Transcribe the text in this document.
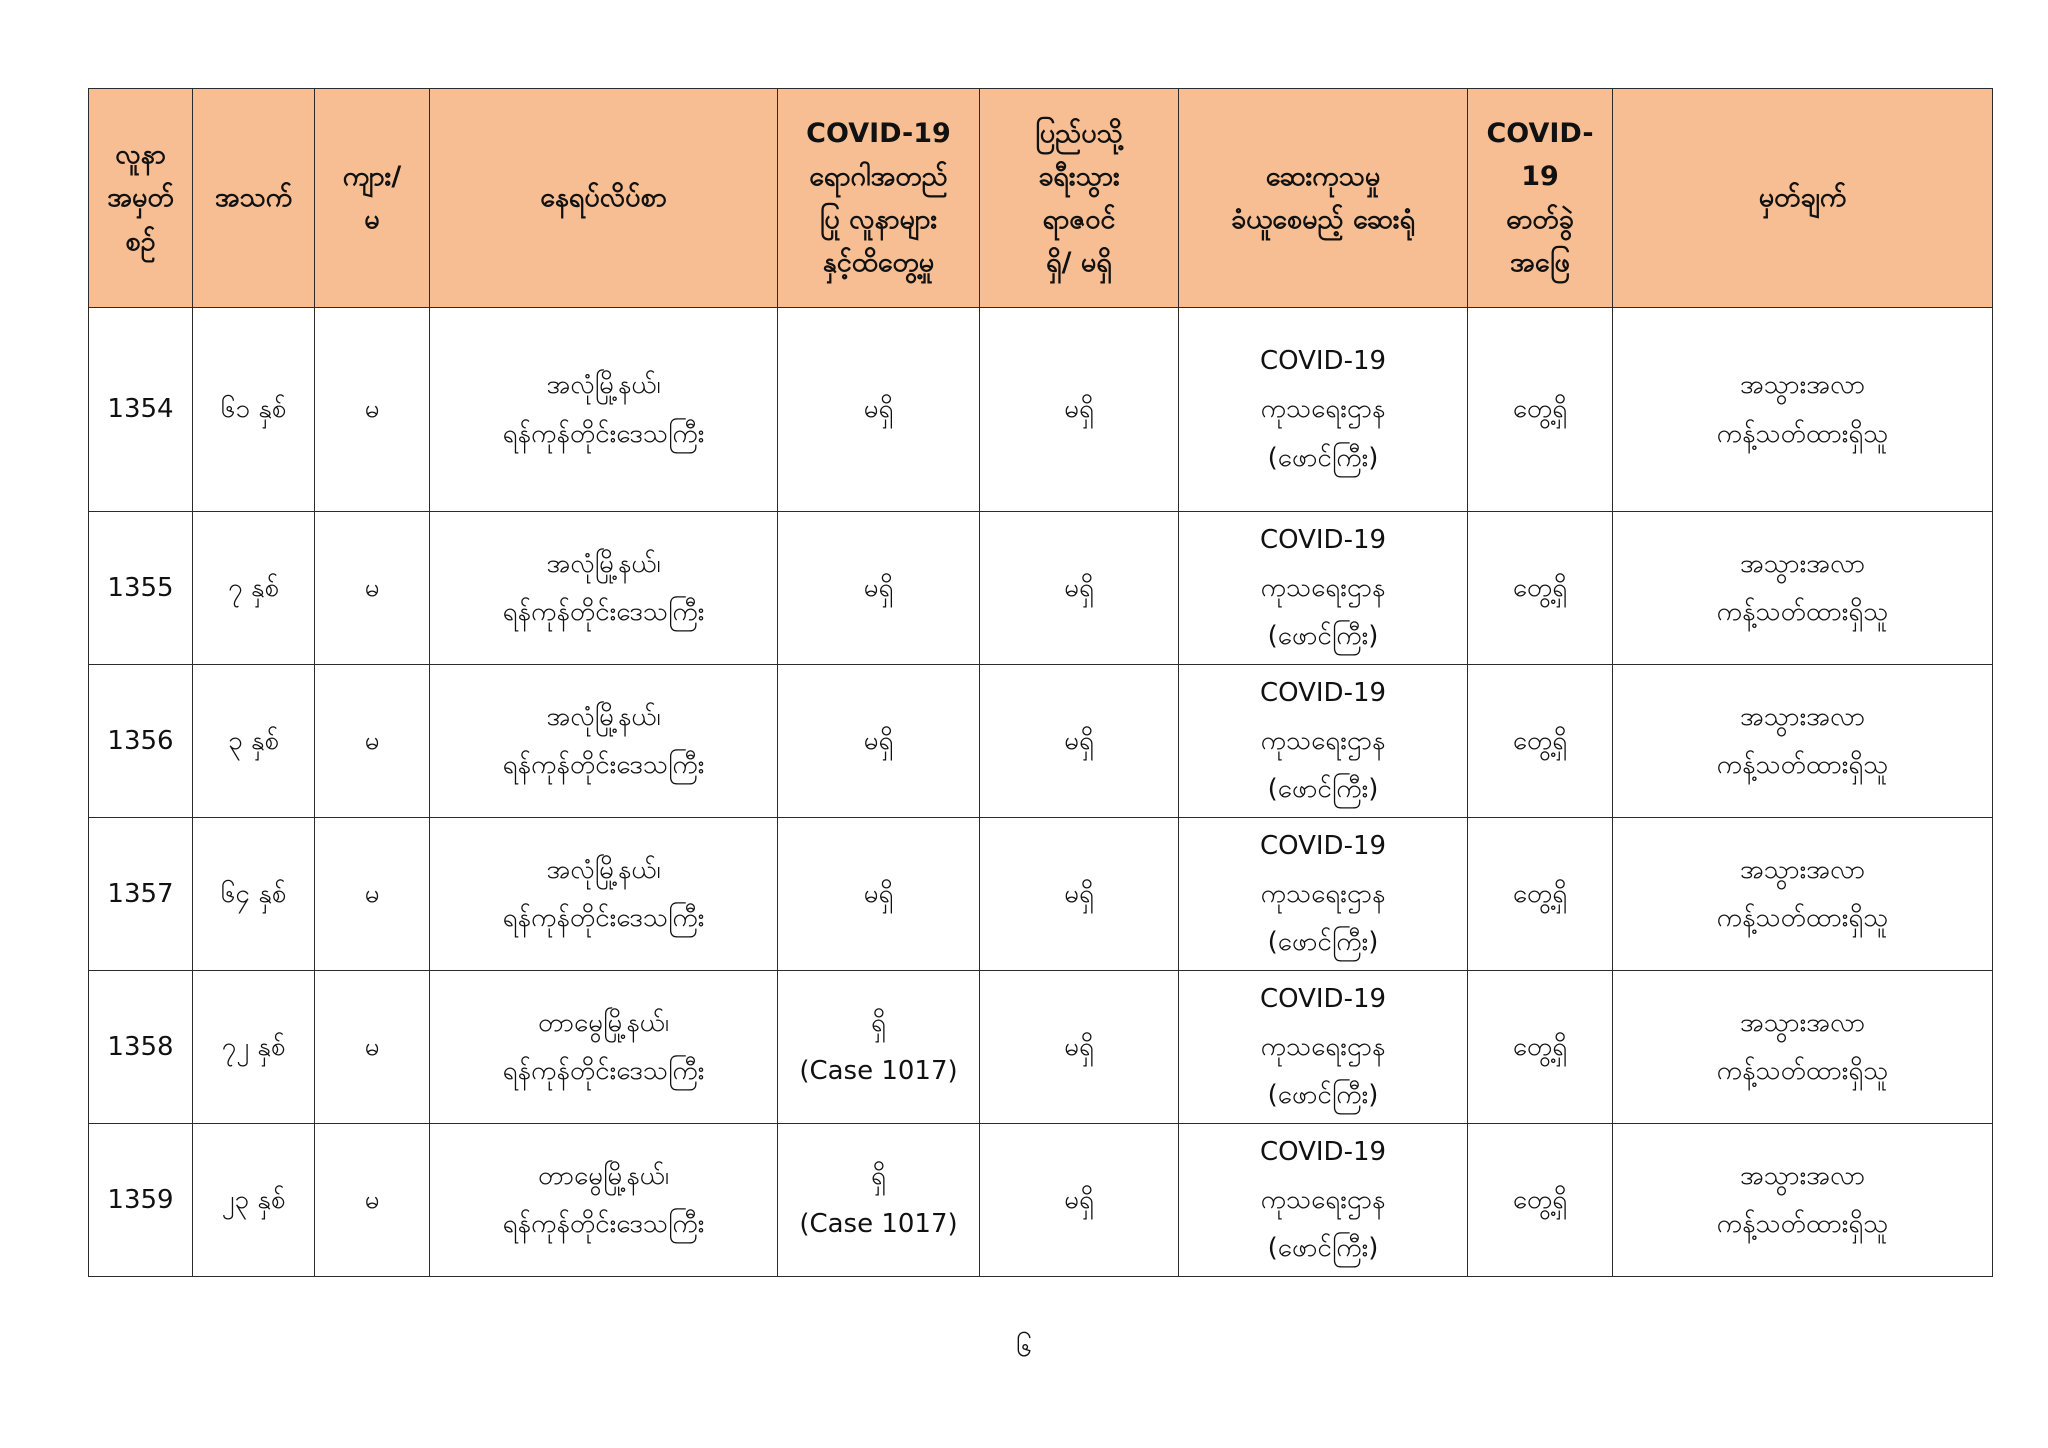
လူနာ
အမှတ်
စဉ်	အသက်	ကျား/
မ	နေရပ်လိပ်စာ	COVID-19
ရောဂါအတည်
ပြု လူနာများ
နှင့်ထိတွေ့မှု	ပြည်ပသို့
ခရီးသွား
ရာဇဝင်
ရှိ/ မရှိ	ဆေးကုသမှု
ခံယူစေမည့် ဆေးရုံ	COVID-
19
ဓာတ်ခွဲ
အဖြေ	မှတ်ချက်

1354	၆၁ နှစ်	မ	အလုံမြို့နယ်၊
ရန်ကုန်တိုင်းဒေသကြီး	မရှိ	မရှိ	COVID-19
ကုသရေးဌာန
(ဖောင်ကြီး)	တွေ့ရှိ	အသွားအလာ
ကန့်သတ်ထားရှိသူ

1355	၇ နှစ်	မ	အလုံမြို့နယ်၊
ရန်ကုန်တိုင်းဒေသကြီး	မရှိ	မရှိ	COVID-19
ကုသရေးဌာန
(ဖောင်ကြီး)	တွေ့ရှိ	အသွားအလာ
ကန့်သတ်ထားရှိသူ

1356	၃ နှစ်	မ	အလုံမြို့နယ်၊
ရန်ကုန်တိုင်းဒေသကြီး	မရှိ	မရှိ	COVID-19
ကုသရေးဌာန
(ဖောင်ကြီး)	တွေ့ရှိ	အသွားအလာ
ကန့်သတ်ထားရှိသူ

1357	၆၄ နှစ်	မ	အလုံမြို့နယ်၊
ရန်ကုန်တိုင်းဒေသကြီး	မရှိ	မရှိ	COVID-19
ကုသရေးဌာန
(ဖောင်ကြီး)	တွေ့ရှိ	အသွားအလာ
ကန့်သတ်ထားရှိသူ

1358	၇၂ နှစ်	မ	တာမွေမြို့နယ်၊
ရန်ကုန်တိုင်းဒေသကြီး	ရှိ
(Case 1017)	မရှိ	COVID-19
ကုသရေးဌာန
(ဖောင်ကြီး)	တွေ့ရှိ	အသွားအလာ
ကန့်သတ်ထားရှိသူ

1359	၂၃ နှစ်	မ	တာမွေမြို့နယ်၊
ရန်ကုန်တိုင်းဒေသကြီး	ရှိ
(Case 1017)	မရှိ	COVID-19
ကုသရေးဌာန
(ဖောင်ကြီး)	တွေ့ရှိ	အသွားအလာ
ကန့်သတ်ထားရှိသူ
၆
